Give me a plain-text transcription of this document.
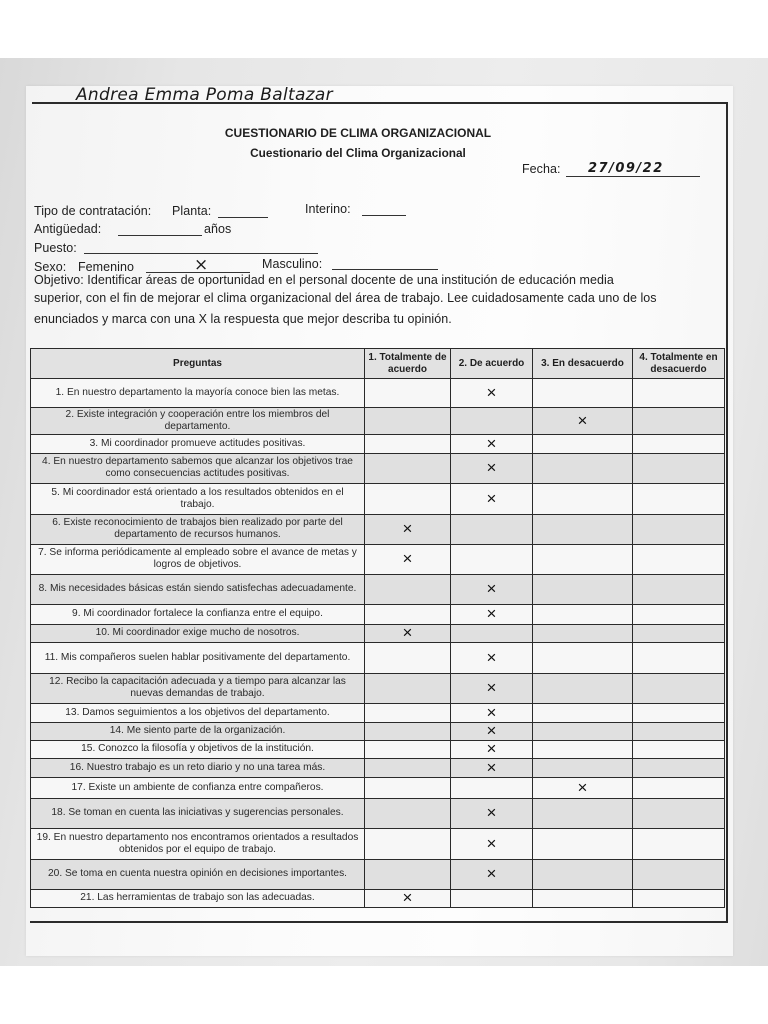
Andrea Emma Poma Baltazar
CUESTIONARIO DE CLIMA ORGANIZACIONAL
Cuestionario del Clima Organizacional
Fecha: 27/09/22
Tipo de contratación: Planta:	Interino:
Antigüedad:	años
Puesto:
Sexo: Femenino	×	Masculino:
Objetivo: Identificar áreas de oportunidad en el personal docente de una institución de educación media
superior, con el fin de mejorar el clima organizacional del área de trabajo. Lee cuidadosamente cada uno de los
enunciados y marca con una X la respuesta que mejor describa tu opinión.
Preguntas	1. Totalmente de acuerdo	2. De acuerdo	3. En desacuerdo	4. Totalmente en desacuerdo
1. En nuestro departamento la mayoría conoce bien las metas.		×		
2. Existe integración y cooperación entre los miembros del departamento.			×	
3. Mi coordinador promueve actitudes positivas.		×		
4. En nuestro departamento sabemos que alcanzar los objetivos trae como consecuencias actitudes positivas.		×		
5. Mi coordinador está orientado a los resultados obtenidos en el trabajo.		×		
6. Existe reconocimiento de trabajos bien realizado por parte del departamento de recursos humanos.	×			
7. Se informa periódicamente al empleado sobre el avance de metas y logros de objetivos.	×			
8. Mis necesidades básicas están siendo satisfechas adecuadamente.		×		
9. Mi coordinador fortalece la confianza entre el equipo.		×		
10. Mi coordinador exige mucho de nosotros.	×			
11. Mis compañeros suelen hablar positivamente del departamento.		×		
12. Recibo la capacitación adecuada y a tiempo para alcanzar las nuevas demandas de trabajo.		×		
13. Damos seguimientos a los objetivos del departamento.		×		
14. Me siento parte de la organización.		×		
15. Conozco la filosofía y objetivos de la institución.		×		
16. Nuestro trabajo es un reto diario y no una tarea más.		×		
17. Existe un ambiente de confianza entre compañeros.			×	
18. Se toman en cuenta las iniciativas y sugerencias personales.		×		
19. En nuestro departamento nos encontramos orientados a resultados obtenidos por el equipo de trabajo.		×		
20. Se toma en cuenta nuestra opinión en decisiones importantes.		×		
21. Las herramientas de trabajo son las adecuadas.	×			
